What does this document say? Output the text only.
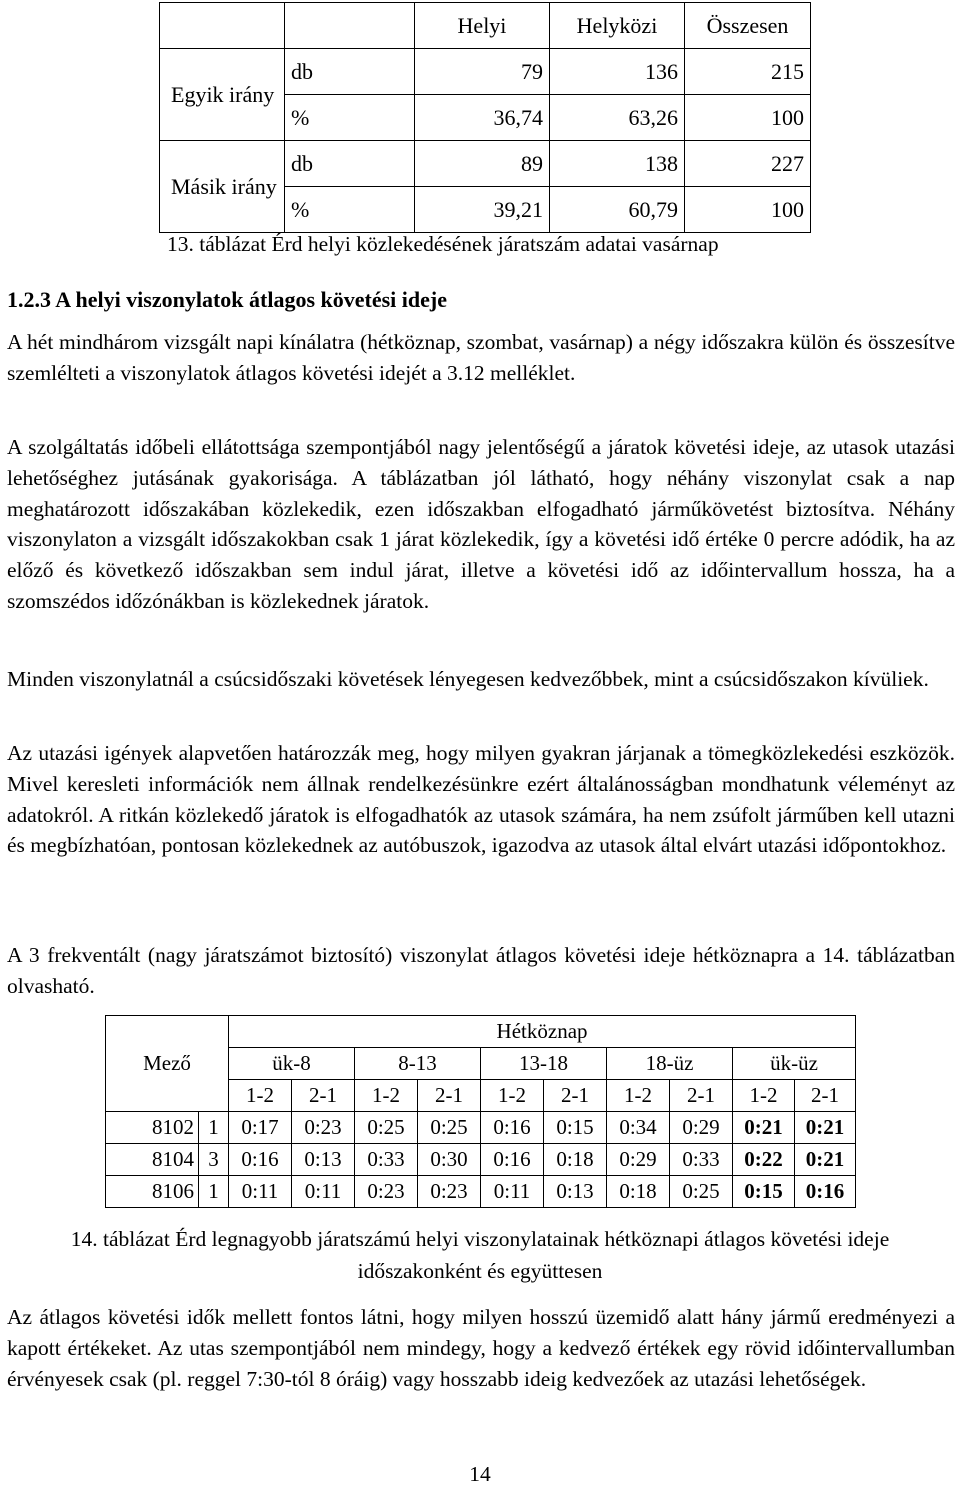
		Helyi	Helyközi	Összesen
Egyik irány	db	79	136	215
	%	36,74	63,26	100
Másik irány	db	89	138	227
	%	39,21	60,79	100
13. táblázat Érd helyi közlekedésének járatszám adatai vasárnap
1.2.3 A helyi viszonylatok átlagos követési ideje

A hét mindhárom vizsgált napi kínálatra (hétköznap, szombat, vasárnap) a négy időszakra külön és összesítve szemlélteti a viszonylatok átlagos követési idejét a 3.12 melléklet.

A szolgáltatás időbeli ellátottsága szempontjából nagy jelentőségű a járatok követési ideje, az utasok utazási lehetőséghez jutásának gyakorisága. A táblázatban jól látható, hogy néhány viszonylat csak a nap meghatározott időszakában közlekedik, ezen időszakban elfogadható járműkövetést biztosítva. Néhány viszonylaton a vizsgált időszakokban csak 1 járat közlekedik, így a követési idő értéke 0 percre adódik, ha az előző és következő időszakban sem indul járat, illetve a követési idő az időintervallum hossza, ha a szomszédos időzónákban is közlekednek járatok.

Minden viszonylatnál a csúcsidőszaki követések lényegesen kedvezőbbek, mint a csúcsidőszakon kívüliek.

Az utazási igények alapvetően határozzák meg, hogy milyen gyakran járjanak a tömegközlekedési eszközök. Mivel keresleti információk nem állnak rendelkezésünkre ezért általánosságban mondhatunk véleményt az adatokról. A ritkán közlekedő járatok is elfogadhatók az utasok számára, ha nem zsúfolt járműben kell utazni és megbízhatóan, pontosan közlekednek az autóbuszok, igazodva az utasok által elvárt utazási időpontokhoz.

A 3 frekventált (nagy járatszámot biztosító) viszonylat átlagos követési ideje hétköznapra a 14. táblázatban olvasható.

Mező		Hétköznap									
		ük-8		8-13		13-18		18-üz		ük-üz	
		1-2	2-1	1-2	2-1	1-2	2-1	1-2	2-1	1-2	2-1
8102	1	0:17	0:23	0:25	0:25	0:16	0:15	0:34	0:29	0:21	0:21
8104	3	0:16	0:13	0:33	0:30	0:16	0:18	0:29	0:33	0:22	0:21
8106	1	0:11	0:11	0:23	0:23	0:11	0:13	0:18	0:25	0:15	0:16
14. táblázat Érd legnagyobb járatszámú helyi viszonylatainak hétköznapi átlagos követési ideje időszakonként és együttesen

Az átlagos követési idők mellett fontos látni, hogy milyen hosszú üzemidő alatt hány jármű eredményezi a kapott értékeket. Az utas szempontjából nem mindegy, hogy a kedvező értékek egy rövid időintervallumban érvényesek csak (pl. reggel 7:30-tól 8 óráig) vagy hosszabb ideig kedvezőek az utazási lehetőségek.

14
